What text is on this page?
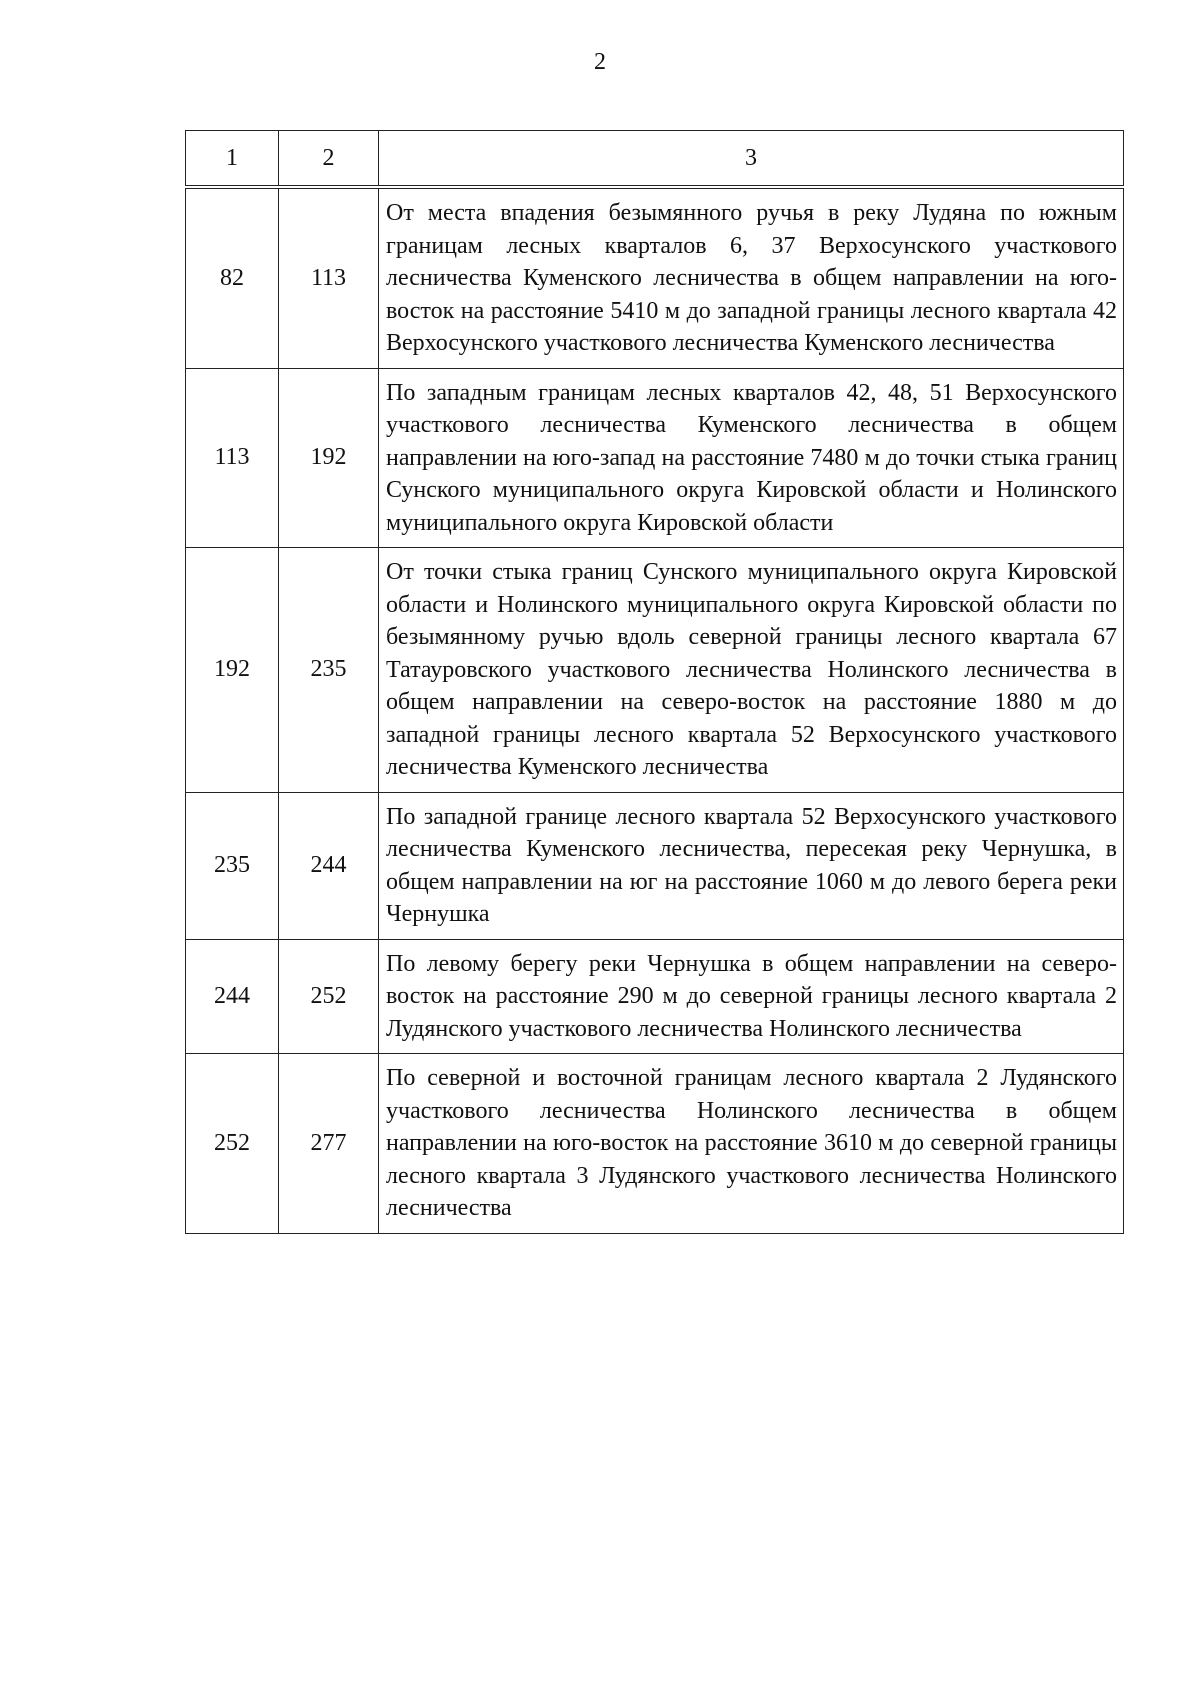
2
1	2	3
82	113	От места впадения безымянного ручья в реку Лудяна по южным границам лесных кварталов 6, 37 Верхосунского участкового лесничества Куменского лесничества в общем направлении на юго-восток на расстояние 5410 м до западной границы лесного квартала 42 Верхосунского участкового лесничества Куменского лесничества
113	192	По западным границам лесных кварталов 42, 48, 51 Верхосунского участкового лесничества Куменского лесничества в общем направлении на юго-запад на расстояние 7480 м до точки стыка границ Сунского муниципального округа Кировской области и Нолинского муниципального округа Кировской области
192	235	От точки стыка границ Сунского муниципального округа Кировской области и Нолинского муниципального округа Кировской области по безымянному ручью вдоль северной границы лесного квартала 67 Татауровского участкового лесничества Нолинского лесничества в общем направлении на северо-восток на расстояние 1880 м до западной границы лесного квартала 52 Верхосунского участкового лесничества Куменского лесничества
235	244	По западной границе лесного квартала 52 Верхосунского участкового лесничества Куменского лесничества, пересекая реку Чернушка, в общем направлении на юг на расстояние 1060 м до левого берега реки Чернушка
244	252	По левому берегу реки Чернушка в общем направлении на северо-восток на расстояние 290 м до северной границы лесного квартала 2 Лудянского участкового лесничества Нолинского лесничества
252	277	По северной и восточной границам лесного квартала 2 Лудянского участкового лесничества Нолинского лесничества в общем направлении на юго-восток на расстояние 3610 м до северной границы лесного квартала 3 Лудянского участкового лесничества Нолинского лесничества
